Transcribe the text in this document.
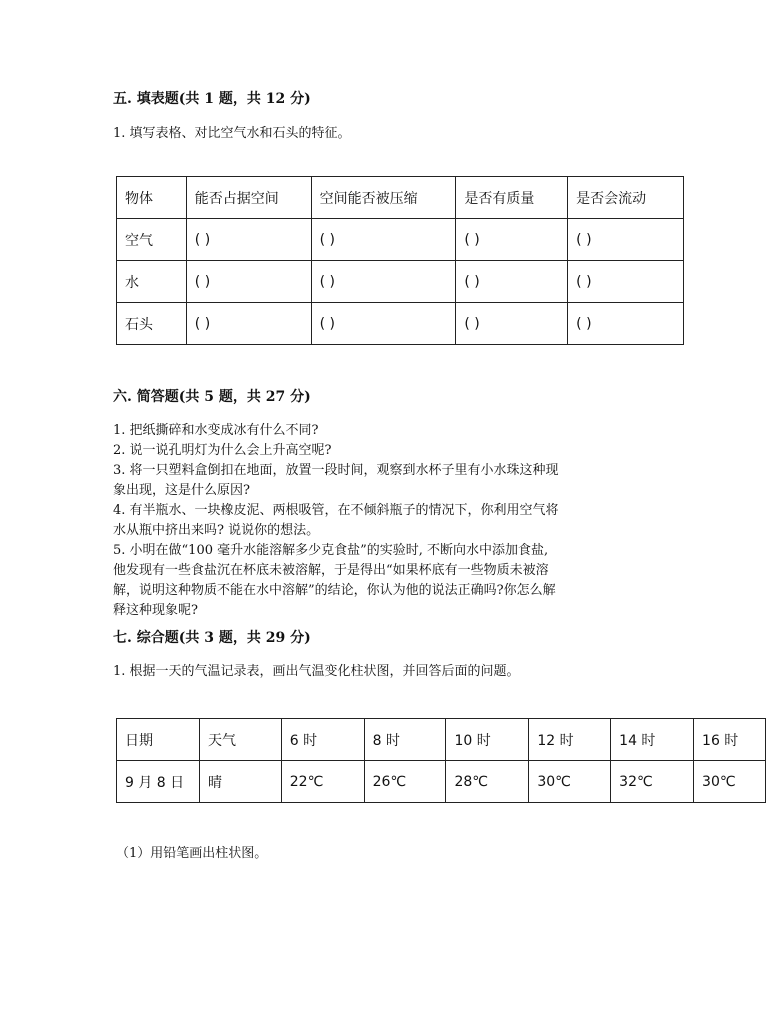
五. 填表题(共 1 题，共 12 分)
1. 填写表格、对比空气水和石头的特征。
物体	能否占据空间	空间能否被压缩	是否有质量	是否会流动
空气	( )	( )	( )	( )
水	( )	( )	( )	( )
石头	( )	( )	( )	( )
六. 简答题(共 5 题，共 27 分)
1. 把纸撕碎和水变成冰有什么不同?
2. 说一说孔明灯为什么会上升高空呢?
3. 将一只塑料盒倒扣在地面，放置一段时间，观察到水杯子里有小水珠这种现
象出现，这是什么原因?
4. 有半瓶水、一块橡皮泥、两根吸管，在不倾斜瓶子的情况下，你利用空气将
水从瓶中挤出来吗? 说说你的想法。
5. 小明在做“100 毫升水能溶解多少克食盐”的实验时, 不断向水中添加食盐,
他发现有一些食盐沉在杯底未被溶解，于是得出“如果杯底有一些物质未被溶
解，说明这种物质不能在水中溶解”的结论，你认为他的说法正确吗?你怎么解
释这种现象呢?
七. 综合题(共 3 题，共 29 分)
1. 根据一天的气温记录表，画出气温变化柱状图，并回答后面的问题。
日期	天气	6 时	8 时	10 时	12 时	14 时	16 时
9 月 8 日	晴	22℃	26℃	28℃	30℃	32℃	30℃
（1）用铅笔画出柱状图。
